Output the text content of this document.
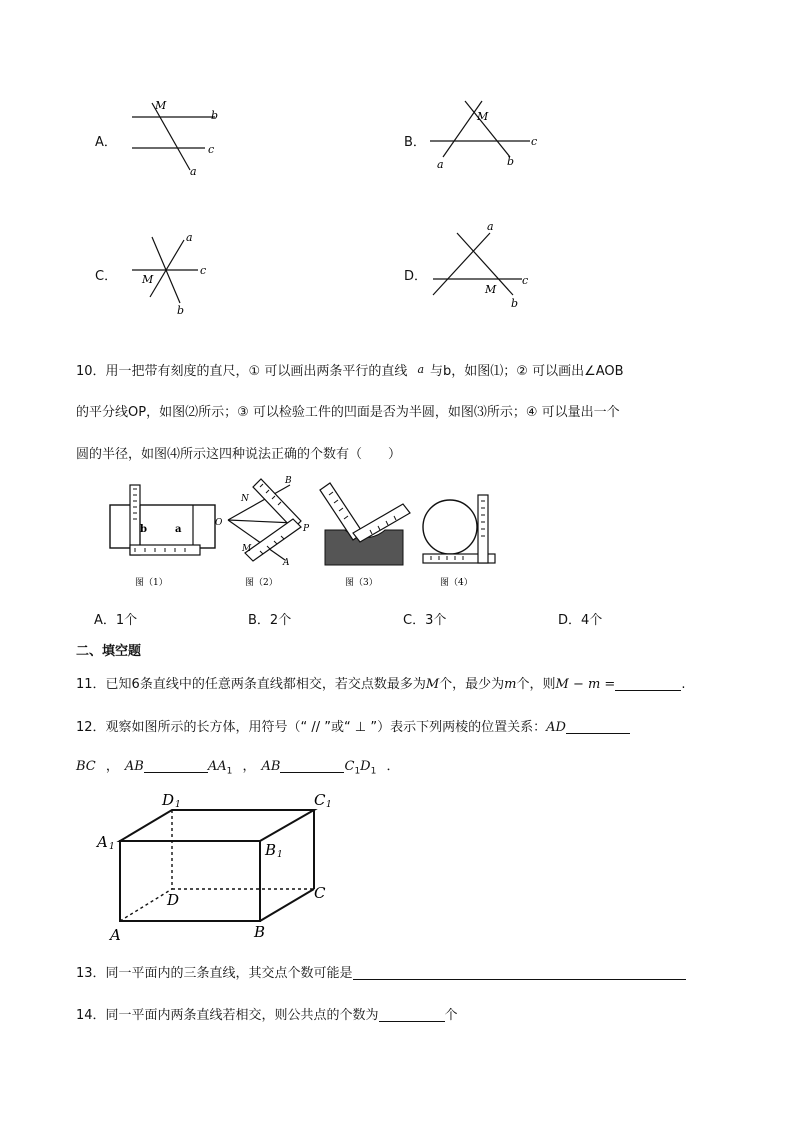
A．
M
b
c
a
B．
M
a	b
c
C．
a
M
c
b
D．
a
M
c
b
10．用一把带有刻度的直尺，① 可以画出两条平行的直线 a 与b，如图⑴；② 可以画出∠AOB
的平分线OP，如图⑵所示；③ 可以检验工件的凹面是否为半圆，如图⑶所示；④ 可以量出一个
圆的半径，如图⑷所示这四种说法正确的个数有（　　）
b	a
图（1）
B
N
O
P
M
A
图（2）	图（3）	图（4）
A．1个	B．2个	C．3个	D．4个
二、填空题
11．已知6条直线中的任意两条直线都相交，若交点数最多为M个，最少为m个，则M − m =	.
12．观察如图所示的长方体，用符号（“ // ”或“ ⊥ ”）表示下列两棱的位置关系：AD
BC ， AB	$AA_1$ ， AB	$C_1D_1$ ．
D 1	C 1
A 1	B 1
D	C
A	B
13．同一平面内的三条直线，其交点个数可能是
14．同一平面内两条直线若相交，则公共点的个数为	个
